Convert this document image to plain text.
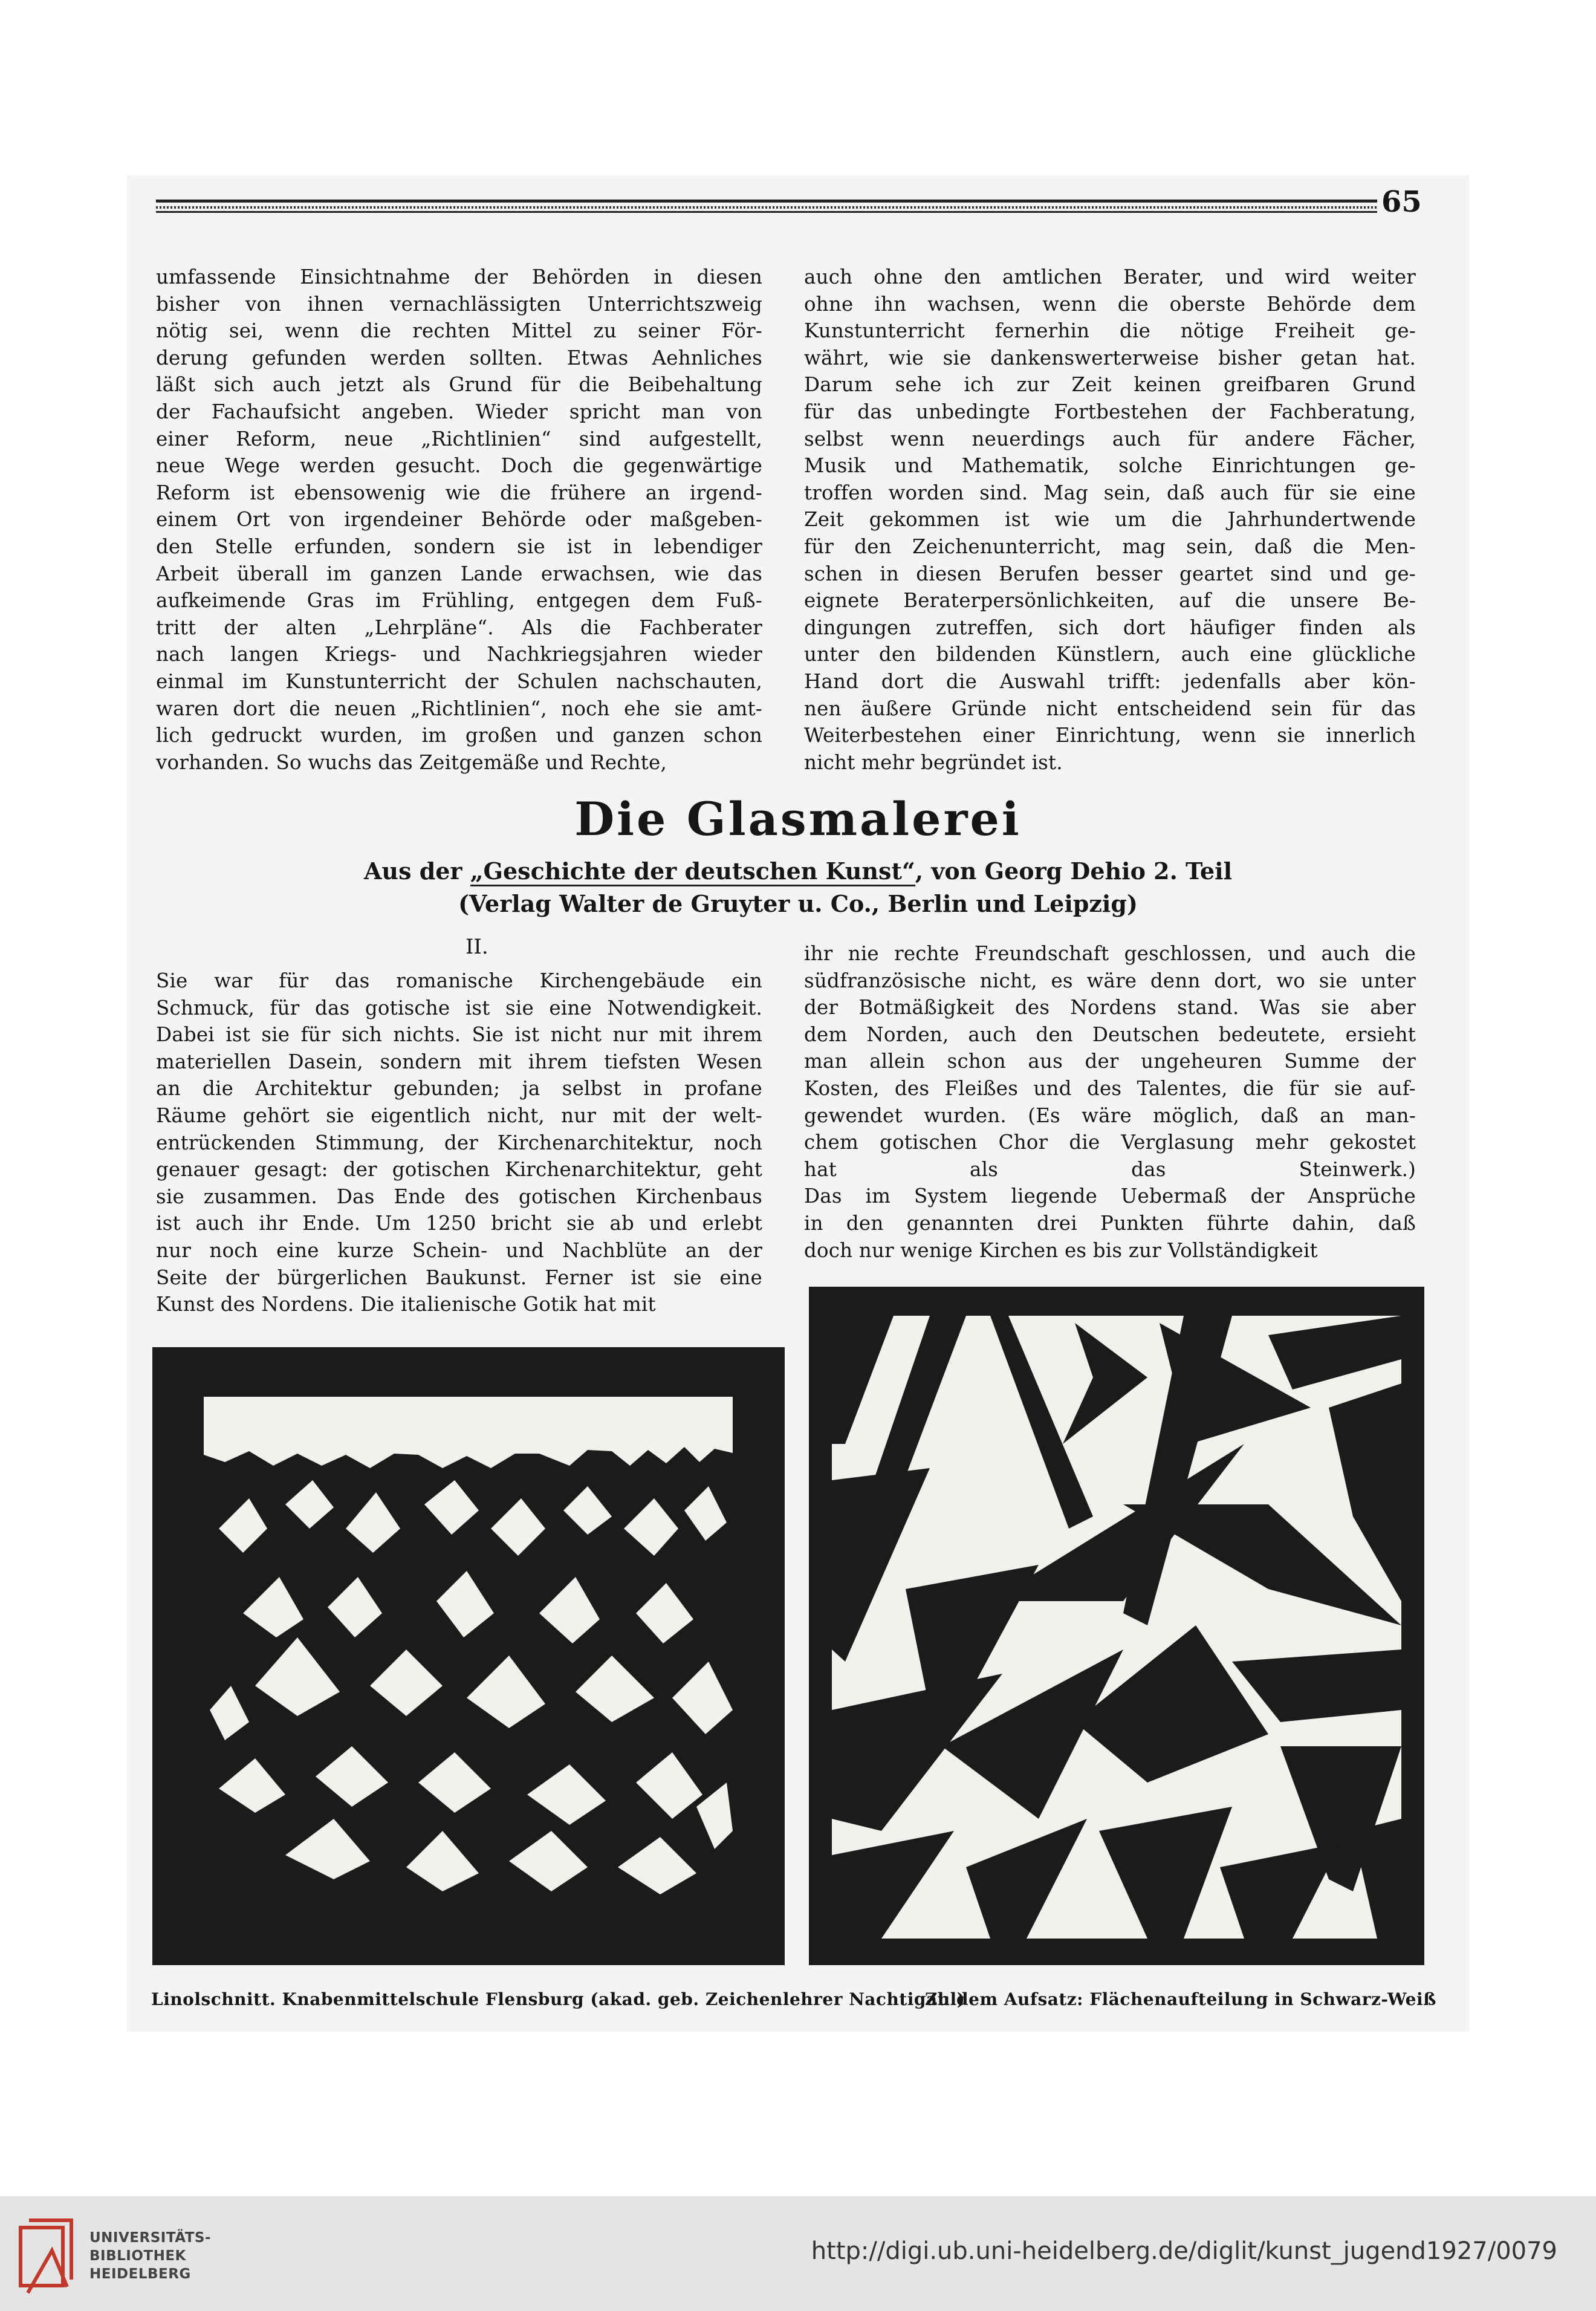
65
umfassende Einsichtnahme der Behörden in diesen
bisher von ihnen vernachlässigten Unterrichtszweig
nötig sei, wenn die rechten Mittel zu seiner För-
derung gefunden werden sollten. Etwas Aehnliches
läßt sich auch jetzt als Grund für die Beibehaltung
der Fachaufsicht angeben. Wieder spricht man von
einer Reform, neue „Richtlinien“ sind aufgestellt,
neue Wege werden gesucht. Doch die gegenwärtige
Reform ist ebensowenig wie die frühere an irgend-
einem Ort von irgendeiner Behörde oder maßgeben-
den Stelle erfunden, sondern sie ist in lebendiger
Arbeit überall im ganzen Lande erwachsen, wie das
aufkeimende Gras im Frühling, entgegen dem Fuß-
tritt der alten „Lehrpläne“. Als die Fachberater
nach langen Kriegs- und Nachkriegsjahren wieder
einmal im Kunstunterricht der Schulen nachschauten,
waren dort die neuen „Richtlinien“, noch ehe sie amt-
lich gedruckt wurden, im großen und ganzen schon
vorhanden. So wuchs das Zeitgemäße und Rechte,
auch ohne den amtlichen Berater, und wird weiter
ohne ihn wachsen, wenn die oberste Behörde dem
Kunstunterricht fernerhin die nötige Freiheit ge-
währt, wie sie dankenswerterweise bisher getan hat.
Darum sehe ich zur Zeit keinen greifbaren Grund
für das unbedingte Fortbestehen der Fachberatung,
selbst wenn neuerdings auch für andere Fächer,
Musik und Mathematik, solche Einrichtungen ge-
troffen worden sind. Mag sein, daß auch für sie eine
Zeit gekommen ist wie um die Jahrhundertwende
für den Zeichenunterricht, mag sein, daß die Men-
schen in diesen Berufen besser geartet sind und ge-
eignete Beraterpersönlichkeiten, auf die unsere Be-
dingungen zutreffen, sich dort häufiger finden als
unter den bildenden Künstlern, auch eine glückliche
Hand dort die Auswahl trifft: jedenfalls aber kön-
nen äußere Gründe nicht entscheidend sein für das
Weiterbestehen einer Einrichtung, wenn sie innerlich
nicht mehr begründet ist.
Die Glasmalerei
Aus der „Geschichte der deutschen Kunst“, von Georg Dehio 2. Teil
(Verlag Walter de Gruyter u. Co., Berlin und Leipzig)
II.
Sie war für das romanische Kirchengebäude ein
Schmuck, für das gotische ist sie eine Notwendigkeit.
Dabei ist sie für sich nichts. Sie ist nicht nur mit ihrem
materiellen Dasein, sondern mit ihrem tiefsten Wesen
an die Architektur gebunden; ja selbst in profane
Räume gehört sie eigentlich nicht, nur mit der welt-
entrückenden Stimmung, der Kirchenarchitektur, noch
genauer gesagt: der gotischen Kirchenarchitektur, geht
sie zusammen. Das Ende des gotischen Kirchenbaus
ist auch ihr Ende. Um 1250 bricht sie ab und erlebt
nur noch eine kurze Schein- und Nachblüte an der
Seite der bürgerlichen Baukunst. Ferner ist sie eine
Kunst des Nordens. Die italienische Gotik hat mit
ihr nie rechte Freundschaft geschlossen, und auch die
südfranzösische nicht, es wäre denn dort, wo sie unter
der Botmäßigkeit des Nordens stand. Was sie aber
dem Norden, auch den Deutschen bedeutete, ersieht
man allein schon aus der ungeheuren Summe der
Kosten, des Fleißes und des Talentes, die für sie auf-
gewendet wurden. (Es wäre möglich, daß an man-
chem gotischen Chor die Verglasung mehr gekostet
hat als das Steinwerk.)
Das im System liegende Uebermaß der Ansprüche
in den genannten drei Punkten führte dahin, daß
doch nur wenige Kirchen es bis zur Vollständigkeit
Linolschnitt. Knabenmittelschule Flensburg (akad. geb. Zeichenlehrer Nachtigahl)
Zu dem Aufsatz: Flächenaufteilung in Schwarz-Weiß
UNIVERSITÄTS-
BIBLIOTHEK
HEIDELBERG
http://digi.ub.uni-heidelberg.de/diglit/kunst_jugend1927/0079
